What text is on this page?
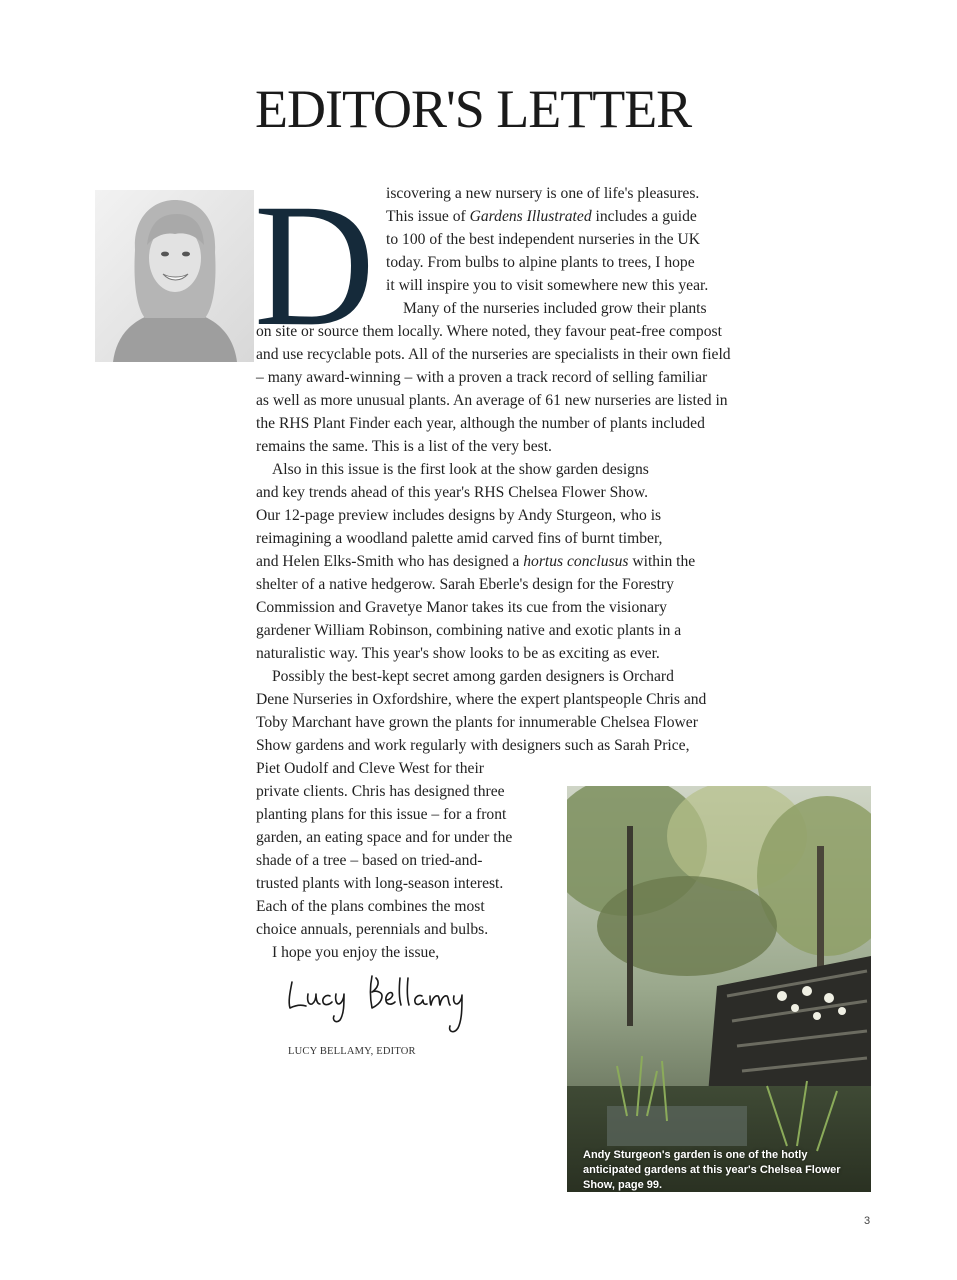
EDITOR'S LETTER
D iscovering a new nursery is one of life's pleasures.
This issue of Gardens Illustrated includes a guide
to 100 of the best independent nurseries in the UK
today. From bulbs to alpine plants to trees, I hope
it will inspire you to visit somewhere new this year.
Many of the nurseries included grow their plants
on site or source them locally. Where noted, they favour peat-free compost
and use recyclable pots. All of the nurseries are specialists in their own field
– many award-winning – with a proven a track record of selling familiar
as well as more unusual plants. An average of 61 new nurseries are listed in
the RHS Plant Finder each year, although the number of plants included
remains the same. This is a list of the very best.
Also in this issue is the first look at the show garden designs
and key trends ahead of this year's RHS Chelsea Flower Show.
Our 12-page preview includes designs by Andy Sturgeon, who is
reimagining a woodland palette amid carved fins of burnt timber,
and Helen Elks-Smith who has designed a hortus conclusus within the
shelter of a native hedgerow. Sarah Eberle's design for the Forestry
Commission and Gravetye Manor takes its cue from the visionary
gardener William Robinson, combining native and exotic plants in a
naturalistic way. This year's show looks to be as exciting as ever.
Possibly the best-kept secret among garden designers is Orchard
Dene Nurseries in Oxfordshire, where the expert plantspeople Chris and
Toby Marchant have grown the plants for innumerable Chelsea Flower
Show gardens and work regularly with designers such as Sarah Price,
Piet Oudolf and Cleve West for their
private clients. Chris has designed three
planting plans for this issue – for a front
garden, an eating space and for under the
shade of a tree – based on tried-and-
trusted plants with long-season interest.
Each of the plans combines the most
choice annuals, perennials and bulbs.
I hope you enjoy the issue,
LUCY BELLAMY, EDITOR
Andy Sturgeon's garden is one of the hotly anticipated gardens at this year's Chelsea Flower Show, page 99.
3
